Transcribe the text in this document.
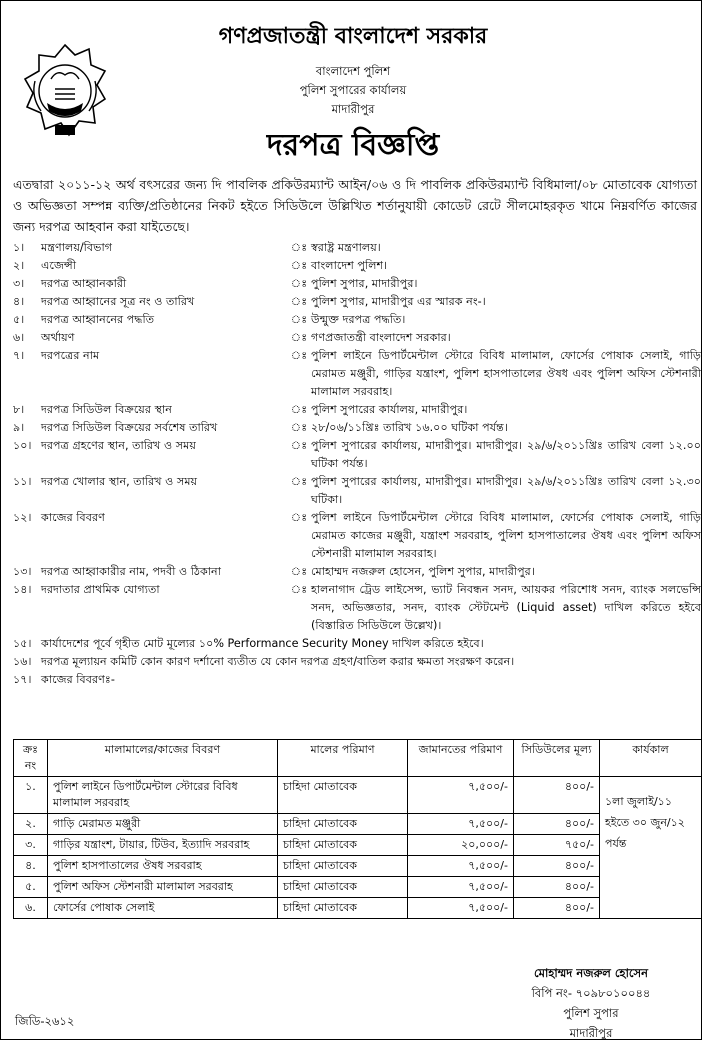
গণপ্রজাতন্ত্রী বাংলাদেশ সরকার
বাংলাদেশ পুলিশ
পুলিশ সুপারের কার্যালয়
মাদারীপুর
দরপত্র বিজ্ঞপ্তি
এতদ্বারা ২০১১-১২ অর্থ বৎসরের জন্য দি পাবলিক প্রকিউরম্যান্ট আইন/০৬ ও দি পাবলিক প্রকিউরম্যান্ট বিধিমালা/০৮ মোতাবেক যোগ্যতা ও অভিজ্ঞতা সম্পন্ন ব্যক্তি/প্রতিষ্ঠানের নিকট হইতে সিডিউলে উল্লিখিত শর্তানুযায়ী কোডেট রেটে সীলমোহরকৃত খামে নিম্নবর্ণিত কাজের জন্য দরপত্র আহবান করা যাইতেছে।
১।	মন্ত্রণালয়/বিভাগ	ঃ স্বরাষ্ট্র মন্ত্রণালয়।
২।	এজেন্সী	ঃ বাংলাদেশ পুলিশ।
৩।	দরপত্র আহ্বানকারী	ঃ পুলিশ সুপার, মাদারীপুর।
৪।	দরপত্র আহ্বানের সূত্র নং ও তারিখ	ঃ পুলিশ সুপার, মাদারীপুর এর স্মারক নং-।
৫।	দরপত্র আহ্বাননের পদ্ধতি	ঃ উন্মুক্ত দরপত্র পদ্ধতি।
৬।	অর্থায়ণ	ঃ গণপ্রজাতন্ত্রী বাংলাদেশ সরকার।
৭।	দরপত্রের নাম	ঃ পুলিশ লাইনে ডিপার্টমেন্টাল স্টোরে বিবিধ মালামাল, ফোর্সের পোষাক সেলাই, গাড়ি মেরামত মঞ্জুরী, গাড়ির যন্ত্রাংশ, পুলিশ হাসপাতালের ঔষধ এবং পুলিশ অফিস স্টেশনারী মালামাল সরবরাহ।
৮।	দরপত্র সিডিউল বিক্রয়ের স্থান	ঃ পুলিশ সুপারের কার্যালয়, মাদারীপুর।
৯।	দরপত্র সিডিউল বিক্রয়ের সর্বশেষ তারিখ	ঃ ২৮/০৬/১১খ্রিঃ তারিখ ১৬.০০ ঘটিকা পর্যন্ত।
১০। দরপত্র গ্রহণের স্থান, তারিখ ও সময়	ঃ পুলিশ সুপারের কার্যালয়, মাদারীপুর। মাদারীপুর। ২৯/৬/২০১১খ্রিঃ তারিখ বেলা ১২.০০ ঘটিকা পর্যন্ত।
১১। দরপত্র খোলার স্থান, তারিখ ও সময়	ঃ পুলিশ সুপারের কার্যালয়, মাদারীপুর। মাদারীপুর। ২৯/৬/২০১১খ্রিঃ তারিখ বেলা ১২.৩০ ঘটিকা।
১২। কাজের বিবরণ	ঃ পুলিশ লাইনে ডিপার্টমেন্টাল স্টোরে বিবিধ মালামাল, ফোর্সের পোষাক সেলাই, গাড়ি মেরামত কাজের মঞ্জুরী, যন্ত্রাংশ সরবরাহ, পুলিশ হাসপাতালের ঔষধ এবং পুলিশ অফিস স্টেশনারী মালামাল সরবরাহ।
১৩। দরপত্র আহ্বাকারীর নাম, পদবী ও ঠিকানা	ঃ মোহাম্মদ নজরুল হোসেন, পুলিশ সুপার, মাদারীপুর।
১৪। দরদাতার প্রাথমিক যোগ্যতা	ঃ হালনাগাদ ট্রেড লাইসেন্স, ভ্যাট নিবন্ধন সনদ, আয়কর পরিশোধ সনদ, ব্যাংক সলভেন্সি সনদ, অভিজ্ঞতার, সনদ, ব্যাংক স্টেটমেন্ট (Liquid asset) দাখিল করিতে হইবে (বিস্তারিত সিডিউলে উল্লেখ)।
১৫। কার্যাদেশের পূর্বে গৃহীত মোট মূল্যের ১০% Performance Security Money দাখিল করিতে হইবে।
১৬। দরপত্র মূল্যায়ন কমিটি কোন কারণ দর্শানো ব্যতীত যে কোন দরপত্র গ্রহণ/বাতিল করার ক্ষমতা সংরক্ষণ করেন।
১৭। কাজের বিবরণঃ-
ক্রঃ নং	মালামালের/কাজের বিবরণ	মালের পরিমাণ	জামানতের পরিমাণ	সিডিউলের মূল্য	কার্যকাল
১.	পুলিশ লাইনে ডিপার্টমেন্টাল স্টোরের বিবিধ মালামাল সরবরাহ	চাহিদা মোতাবেক	৭,৫০০/-	৪০০/-	১লা জুলাই/১১ হইতে ৩০ জুন/১২ পর্যন্ত
২.	গাড়ি মেরামত মঞ্জুরী	চাহিদা মোতাবেক	৭,৫০০/-	৪০০/-	
৩.	গাড়ির যন্ত্রাংশ, টায়ার, টিউব, ইত্যাদি সরবরাহ	চাহিদা মোতাবেক	২০,০০০/-	৭৫০/-	
৪.	পুলিশ হাসপাতালের ঔষধ সরবরাহ	চাহিদা মোতাবেক	৭,৫০০/-	৪০০/-	
৫.	পুলিশ অফিস স্টেশনারী মালামাল সরবরাহ	চাহিদা মোতাবেক	৭,৫০০/-	৪০০/-	
৬.	ফোর্সের পোষাক সেলাই	চাহিদা মোতাবেক	৭,৫০০/-	৪০০/-	
মোহাম্মদ নজরুল হোসেন
বিপি নং- ৭০৯৮০১০০৪৪
পুলিশ সুপার
মাদারীপুর
জিডি-২৬১২
